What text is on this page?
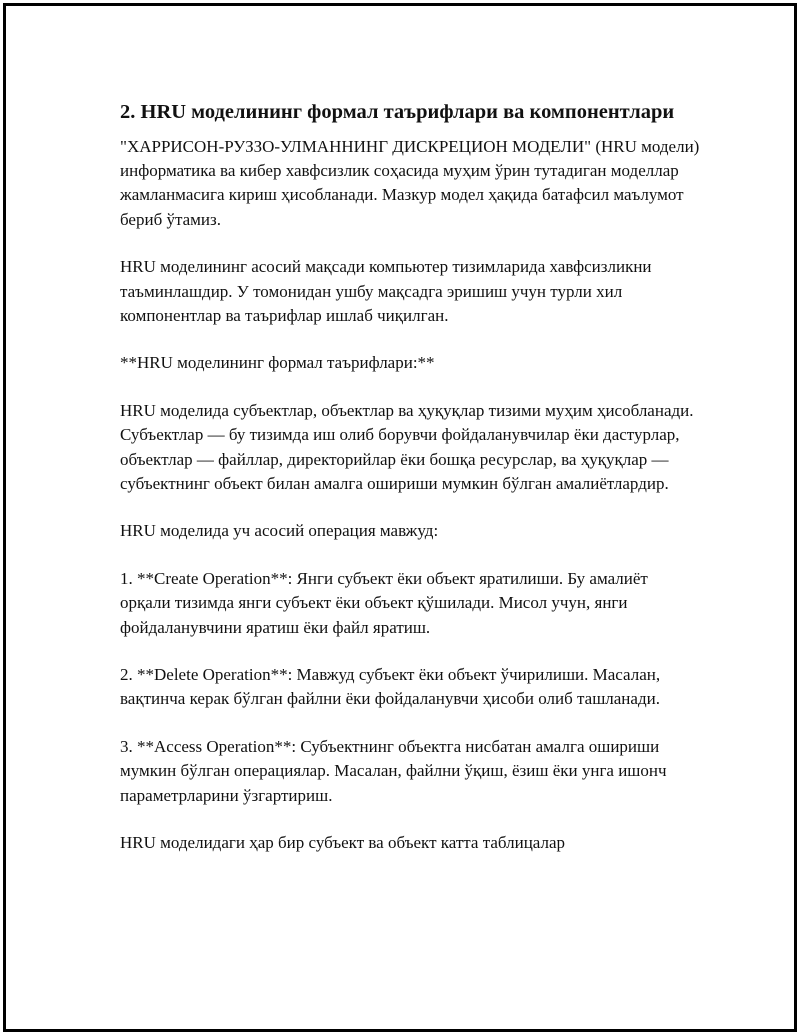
2. HRU моделининг формал таърифлари ва компонентлари

"ХАРРИСОН-РУЗЗО-УЛМАННИНГ ДИСКРЕЦИОН МОДЕЛИ" (HRU модели) информатика ва кибер хавфсизлик соҳасида муҳим ўрин тутадиган моделлар жамланмасига кириш ҳисобланади. Мазкур модел ҳақида батафсил маълумот бериб ўтамиз.

HRU моделининг асосий мақсади компьютер тизимларида хавфсизликни таъминлашдир. У томонидан ушбу мақсадга эришиш учун турли хил компонентлар ва таърифлар ишлаб чиқилган.

**HRU моделининг формал таърифлари:**

HRU моделида субъектлар, объектлар ва ҳуқуқлар тизими муҳим ҳисобланади. Субъектлар — бу тизимда иш олиб борувчи фойдаланувчилар ёки дастурлар, объектлар — файллар, директорийлар ёки бошқа ресурслар, ва ҳуқуқлар — субъектнинг объект билан амалга ошириши мумкин бўлган амалиётлардир.

HRU моделида уч асосий операция мавжуд:

1. **Create Operation**: Янги субъект ёки объект яратилиши. Бу амалиёт орқали тизимда янги субъект ёки объект қўшилади. Мисол учун, янги фойдаланувчини яратиш ёки файл яратиш.

2. **Delete Operation**: Мавжуд субъект ёки объект ўчирилиши. Масалан, вақтинча керак бўлган файлни ёки фойдаланувчи ҳисоби олиб ташланади.

3. **Access Operation**: Субъектнинг объектга нисбатан амалга ошириши мумкин бўлган операциялар. Масалан, файлни ўқиш, ёзиш ёки унга ишонч параметрларини ўзгартириш.

HRU моделидаги ҳар бир субъект ва объект катта таблицалар
